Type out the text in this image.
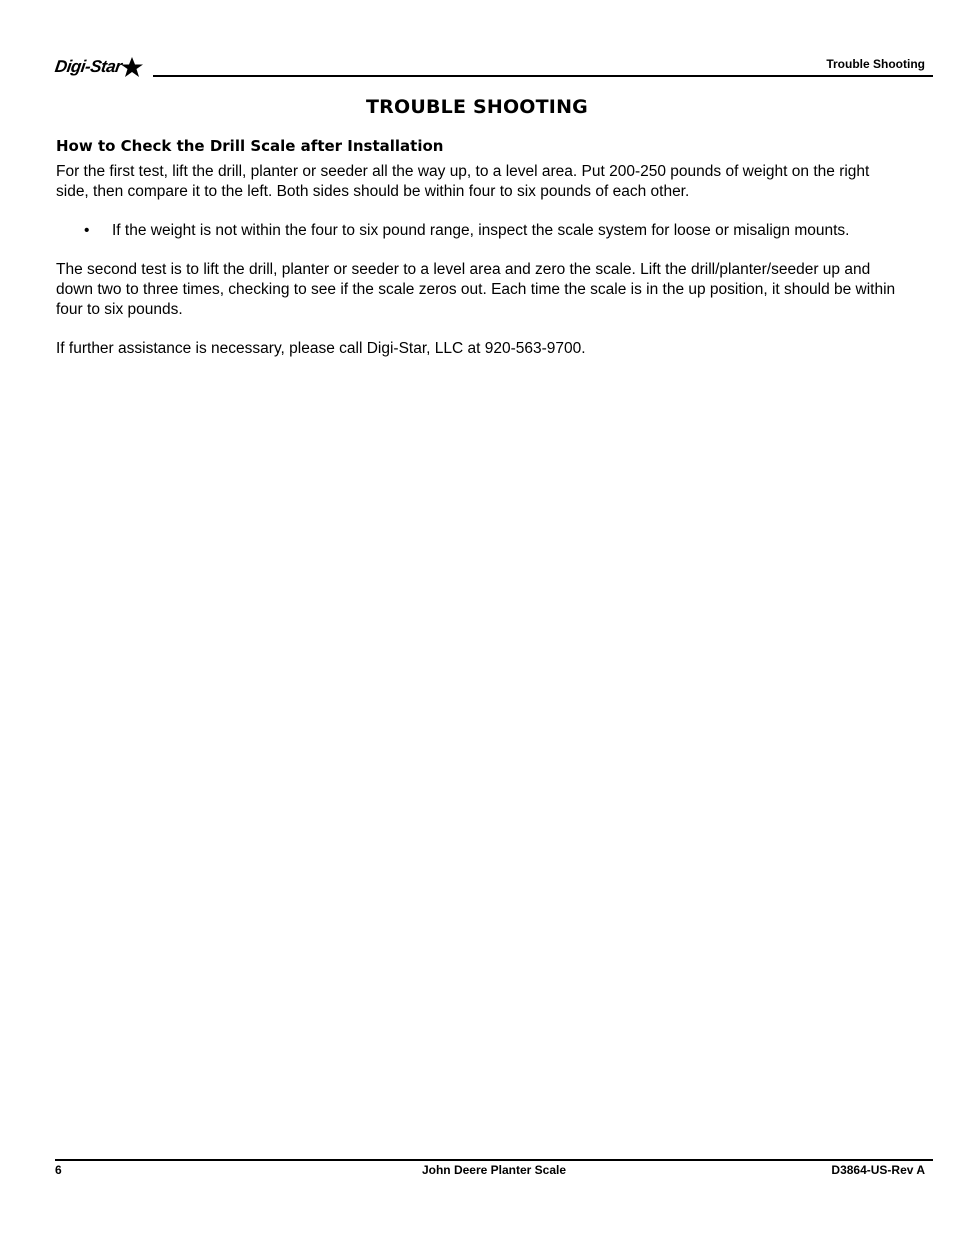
Digi-Star	Trouble Shooting
TROUBLE SHOOTING
How to Check the Drill Scale after Installation

For the first test, lift the drill, planter or seeder all the way up, to a level area. Put 200-250 pounds of weight on the right side, then compare it to the left. Both sides should be within four to six pounds of each other.

• If the weight is not within the four to six pound range, inspect the scale system for loose or misalign mounts.

The second test is to lift the drill, planter or seeder to a level area and zero the scale. Lift the drill/planter/seeder up and down two to three times, checking to see if the scale zeros out. Each time the scale is in the up position, it should be within four to six pounds.

If further assistance is necessary, please call Digi-Star, LLC at 920-563-9700.

6	John Deere Planter Scale	D3864-US-Rev A
